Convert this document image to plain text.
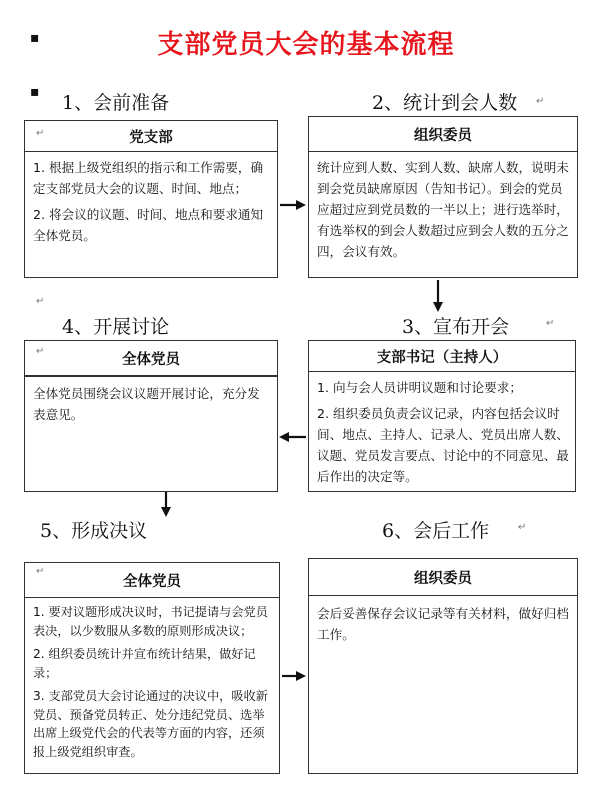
支部党员大会的基本流程
▪
▪ 1、会前准备	2、统计到会人数
3、宣布开会
4、开展讨论
5、形成决议	6、会后工作
党支部

1. 根据上级党组织的指示和工作需要，确定支部党员大会的议题、时间、地点；

2. 将会议的议题、时间、地点和要求通知全体党员。

组织委员

统计应到人数、实到人数、缺席人数，说明未到会党员缺席原因（告知书记）。到会的党员应超过应到党员数的一半以上；进行选举时，有选举权的到会人数超过应到会人数的五分之四，会议有效。

支部书记（主持人）

1. 向与会人员讲明议题和讨论要求；

2. 组织委员负责会议记录，内容包括会议时间、地点、主持人、记录人、党员出席人数、议题、党员发言要点、讨论中的不同意见、最后作出的决定等。

全体党员

全体党员围绕会议议题开展讨论，充分发表意见。

全体党员

1. 要对议题形成决议时，书记提请与会党员表决，以少数服从多数的原则形成决议；

2. 组织委员统计并宣布统计结果，做好记录；

3. 支部党员大会讨论通过的决议中，吸收新党员、预备党员转正、处分违纪党员、选举出席上级党代会的代表等方面的内容，还须报上级党组织审查。

组织委员

会后妥善保存会议记录等有关材料，做好归档工作。

↵
↵
↵
↵
↵
↵
↵
